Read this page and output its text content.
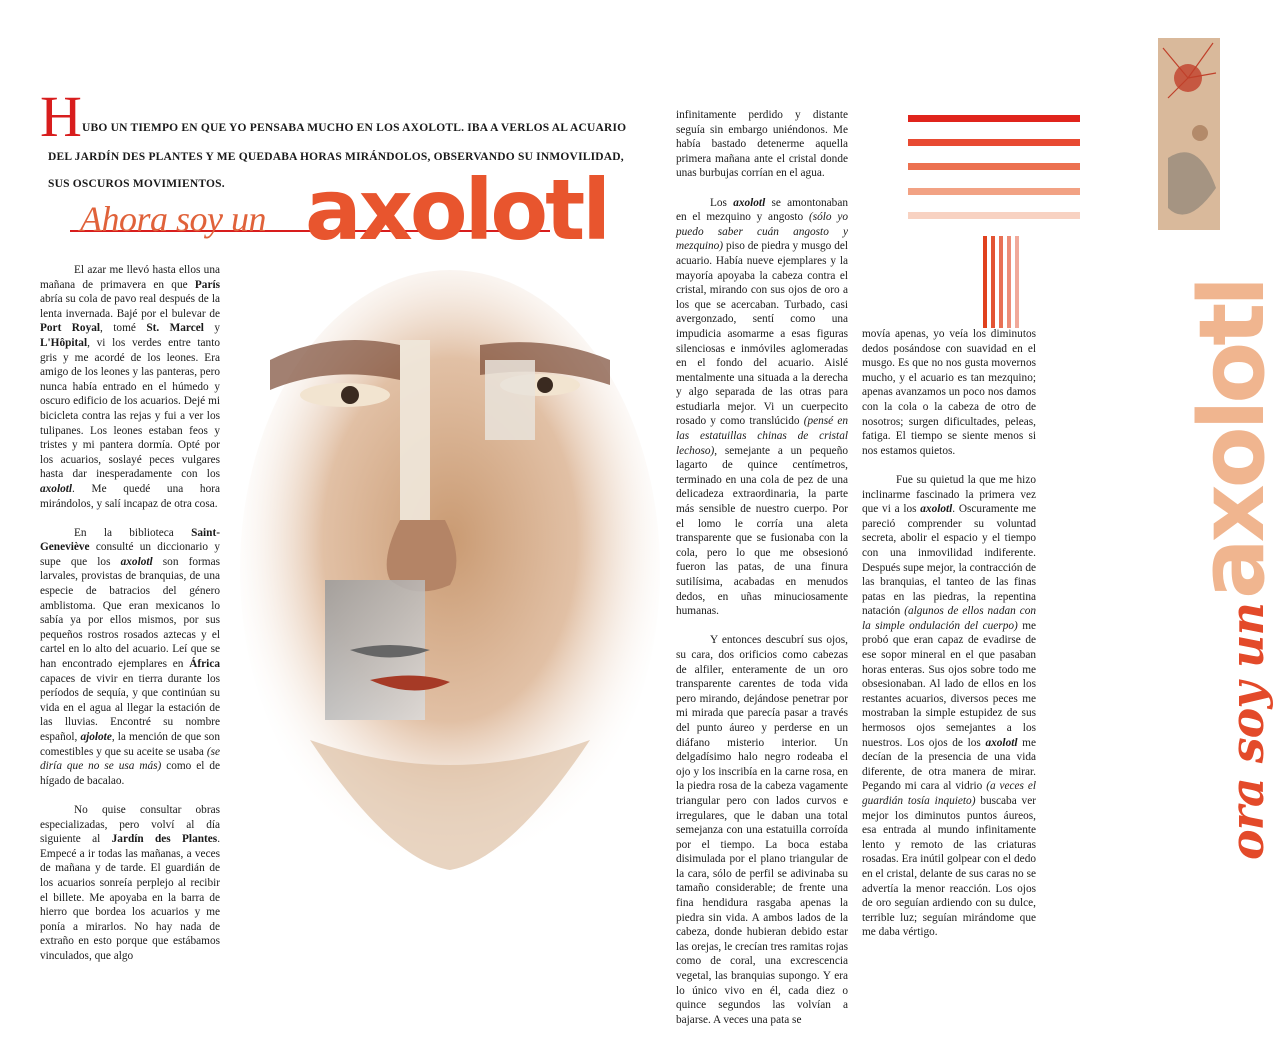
H UBO UN TIEMPO EN QUE YO PENSABA MUCHO EN LOS AXOLOTL. IBA A VERLOS AL ACUARIO
DEL JARDÍN DES PLANTES Y ME QUEDABA HORAS MIRÁNDOLOS, OBSERVANDO SU INMOVILIDAD,
SUS OSCUROS MOVIMIENTOS.
Ahora soy un axolotl

El azar me llevó hasta ellos una mañana de primavera en que París abría su cola de pavo real después de la lenta invernada. Bajé por el bulevar de Port Royal, tomé St. Marcel y L'Hôpital, vi los verdes entre tanto gris y me acordé de los leones. Era amigo de los leones y las panteras, pero nunca había entrado en el húmedo y oscuro edificio de los acuarios. Dejé mi bicicleta contra las rejas y fui a ver los tulipanes. Los leones estaban feos y tristes y mi pantera dormía. Opté por los acuarios, soslayé peces vulgares hasta dar inesperadamente con los axolotl. Me quedé una hora mirándolos, y salí incapaz de otra cosa.

En la biblioteca Saint-Geneviève consulté un diccionario y supe que los axolotl son formas larvales, provistas de branquias, de una especie de batracios del género amblistoma. Que eran mexicanos lo sabía ya por ellos mismos, por sus pequeños rostros rosados aztecas y el cartel en lo alto del acuario. Leí que se han encontrado ejemplares en África capaces de vivir en tierra durante los períodos de sequía, y que continúan su vida en el agua al llegar la estación de las lluvias. Encontré su nombre español, ajolote, la mención de que son comestibles y que su aceite se usaba (se diría que no se usa más) como el de hígado de bacalao.

No quise consultar obras especializadas, pero volví al día siguiente al Jardín des Plantes. Empecé a ir todas las mañanas, a veces de mañana y de tarde. El guardián de los acuarios sonreía perplejo al recibir el billete. Me apoyaba en la barra de hierro que bordea los acuarios y me ponía a mirarlos. No hay nada de extraño en esto porque que estábamos vinculados, que algo

infinitamente perdido y distante seguía sin embargo uniéndonos. Me había bastado detenerme aquella primera mañana ante el cristal donde unas burbujas corrían en el agua.

Los axolotl se amontonaban en el mezquino y angosto (sólo yo puedo saber cuán angosto y mezquino) piso de piedra y musgo del acuario. Había nueve ejemplares y la mayoría apoyaba la cabeza contra el cristal, mirando con sus ojos de oro a los que se acercaban. Turbado, casi avergonzado, sentí como una impudicia asomarme a esas figuras silenciosas e inmóviles aglomeradas en el fondo del acuario. Aislé mentalmente una situada a la derecha y algo separada de las otras para estudiarla mejor. Vi un cuerpecito rosado y como translúcido (pensé en las estatuillas chinas de cristal lechoso), semejante a un pequeño lagarto de quince centímetros, terminado en una cola de pez de una delicadeza extraordinaria, la parte más sensible de nuestro cuerpo. Por el lomo le corría una aleta transparente que se fusionaba con la cola, pero lo que me obsesionó fueron las patas, de una finura sutilísima, acabadas en menudos dedos, en uñas minuciosamente humanas.

Y entonces descubrí sus ojos, su cara, dos orificios como cabezas de alfiler, enteramente de un oro transparente carentes de toda vida pero mirando, dejándose penetrar por mi mirada que parecía pasar a través del punto áureo y perderse en un diáfano misterio interior. Un delgadísimo halo negro rodeaba el ojo y los inscribía en la carne rosa, en la piedra rosa de la cabeza vagamente triangular pero con lados curvos e irregulares, que le daban una total semejanza con una estatuilla corroída por el tiempo. La boca estaba disimulada por el plano triangular de la cara, sólo de perfil se adivinaba su tamaño considerable; de frente una fina hendidura rasgaba apenas la piedra sin vida. A ambos lados de la cabeza, donde hubieran debido estar las orejas, le crecían tres ramitas rojas como de coral, una excrescencia vegetal, las branquias supongo. Y era lo único vivo en él, cada diez o quince segundos las volvían a bajarse. A veces una pata se

movía apenas, yo veía los diminutos dedos posándose con suavidad en el musgo. Es que no nos gusta movernos mucho, y el acuario es tan mezquino; apenas avanzamos un poco nos damos con la cola o la cabeza de otro de nosotros; surgen dificultades, peleas, fatiga. El tiempo se siente menos si nos estamos quietos.

Fue su quietud la que me hizo inclinarme fascinado la primera vez que vi a los axolotl. Oscuramente me pareció comprender su voluntad secreta, abolir el espacio y el tiempo con una inmovilidad indiferente. Después supe mejor, la contracción de las branquias, el tanteo de las finas patas en las piedras, la repentina natación (algunos de ellos nadan con la simple ondulación del cuerpo) me probó que eran capaz de evadirse de ese sopor mineral en el que pasaban horas enteras. Sus ojos sobre todo me obsesionaban. Al lado de ellos en los restantes acuarios, diversos peces me mostraban la simple estupidez de sus hermosos ojos semejantes a los nuestros. Los ojos de los axolotl me decían de la presencia de una vida diferente, de otra manera de mirar. Pegando mi cara al vidrio (a veces el guardián tosía inquieto) buscaba ver mejor los diminutos puntos áureos, esa entrada al mundo infinitamente lento y remoto de las criaturas rosadas. Era inútil golpear con el dedo en el cristal, delante de sus caras no se advertía la menor reacción. Los ojos de oro seguían ardiendo con su dulce, terrible luz; seguían mirándome que me daba vértigo.

ora soy un axolotl
